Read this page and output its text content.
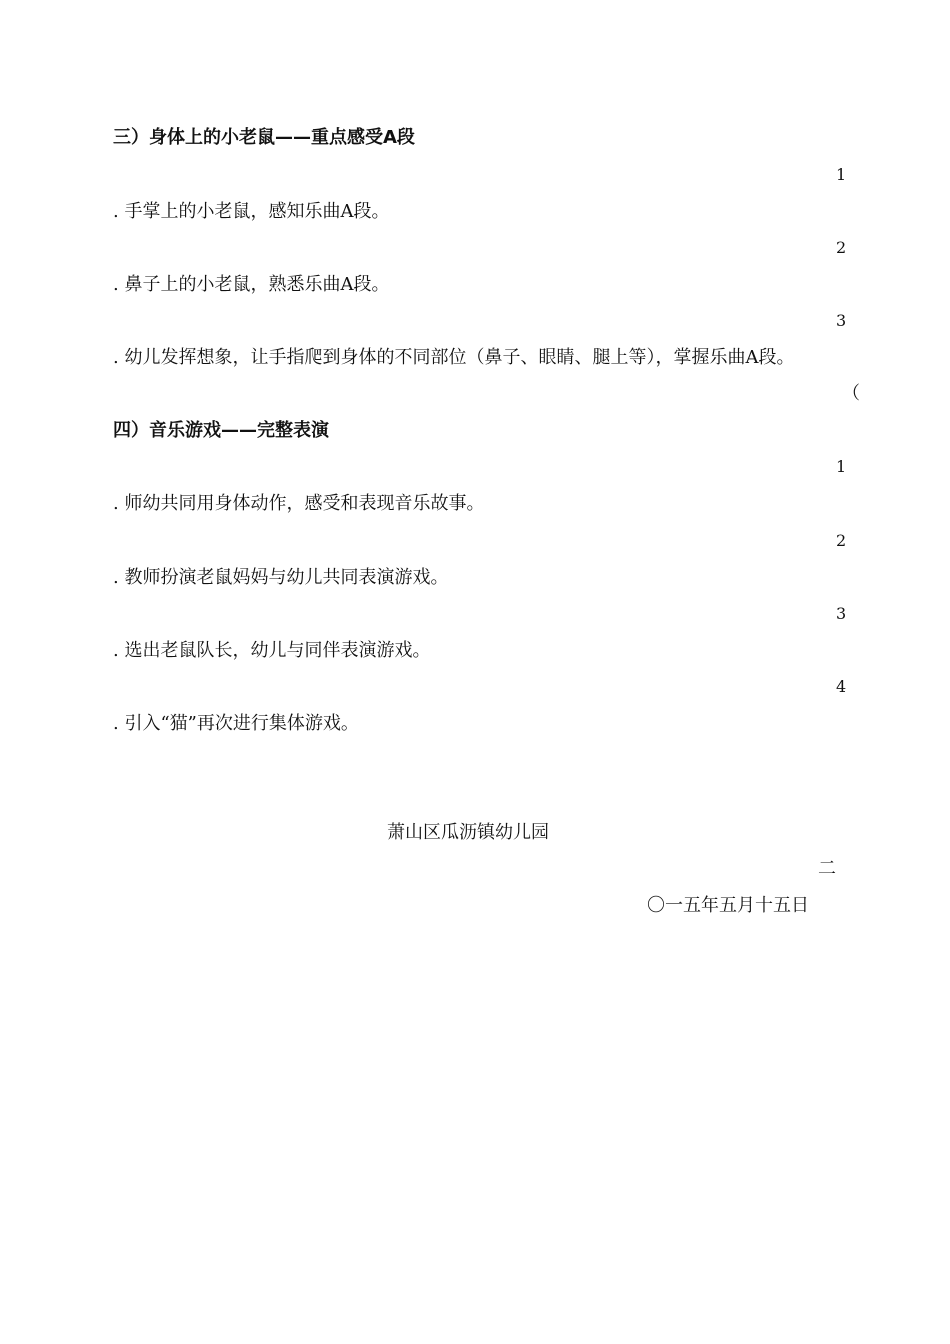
三）身体上的小老鼠——重点感受A段
1
. 手掌上的小老鼠，感知乐曲A段。
2
. 鼻子上的小老鼠，熟悉乐曲A段。
3
. 幼儿发挥想象，让手指爬到身体的不同部位（鼻子、眼睛、腿上等），掌握乐曲A段。
（
四）音乐游戏——完整表演
1
. 师幼共同用身体动作，感受和表现音乐故事。
2
. 教师扮演老鼠妈妈与幼儿共同表演游戏。
3
. 选出老鼠队长，幼儿与同伴表演游戏。
4
. 引入“猫”再次进行集体游戏。
萧山区瓜沥镇幼儿园
二
〇一五年五月十五日
